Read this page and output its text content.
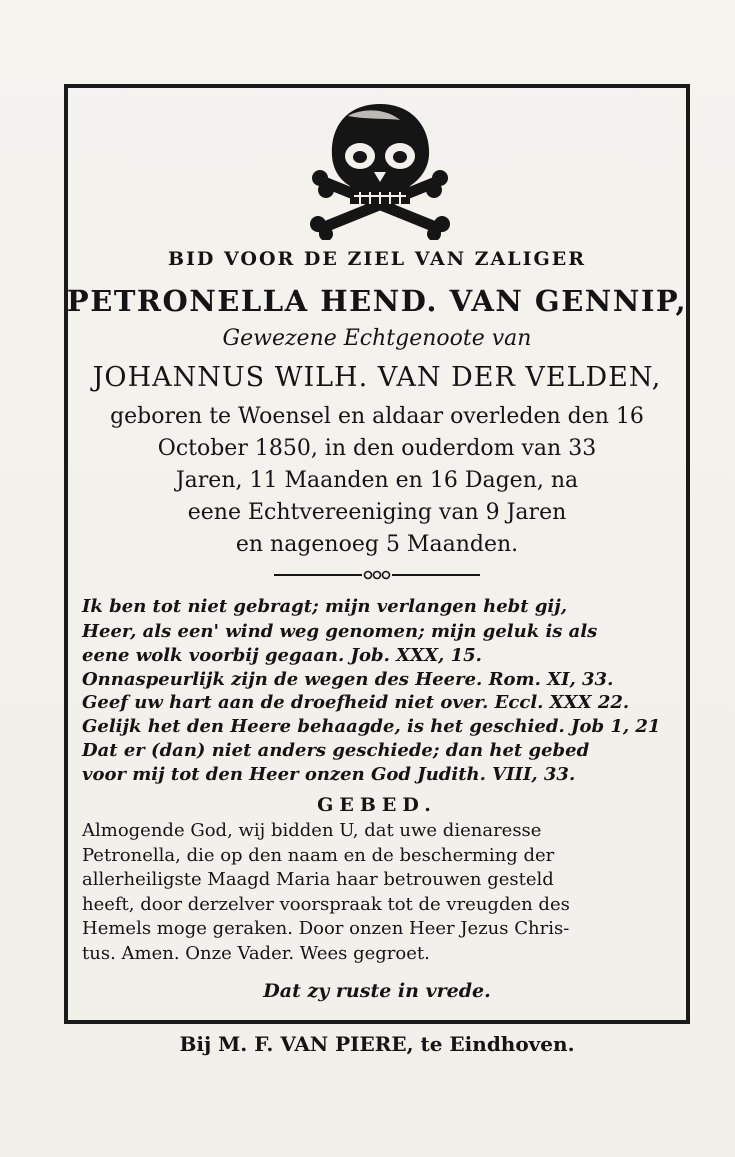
BID VOOR DE ZIEL VAN ZALIGER
PETRONELLA HEND. VAN GENNIP,
Gewezene Echtgenoote van
JOHANNUS WILH. VAN DER VELDEN,
geboren te Woensel en aldaar overleden den 16
October 1850, in den ouderdom van 33
Jaren, 11 Maanden en 16 Dagen, na
eene Echtvereeniging van 9 Jaren
en nagenoeg 5 Maanden.
Ik ben tot niet gebragt; mijn verlangen hebt gij,
Heer, als een' wind weg genomen; mijn geluk is als
eene wolk voorbij gegaan. Job. XXX, 15.
Onnaspeurlijk zijn de wegen des Heere. Rom. XI, 33.
Geef uw hart aan de droefheid niet over. Eccl. XXX 22.
Gelijk het den Heere behaagde, is het geschied. Job 1, 21
Dat er (dan) niet anders geschiede; dan het gebed
voor mij tot den Heer onzen God Judith. VIII, 33.
GEBED.
Almogende God, wij bidden U, dat uwe dienaresse
Petronella, die op den naam en de bescherming der
allerheiligste Maagd Maria haar betrouwen gesteld
heeft, door derzelver voorspraak tot de vreugden des
Hemels moge geraken. Door onzen Heer Jezus Chris-
tus. Amen. Onze Vader. Wees gegroet.
Dat zy ruste in vrede.
Bij M. F. VAN PIERE, te Eindhoven.
